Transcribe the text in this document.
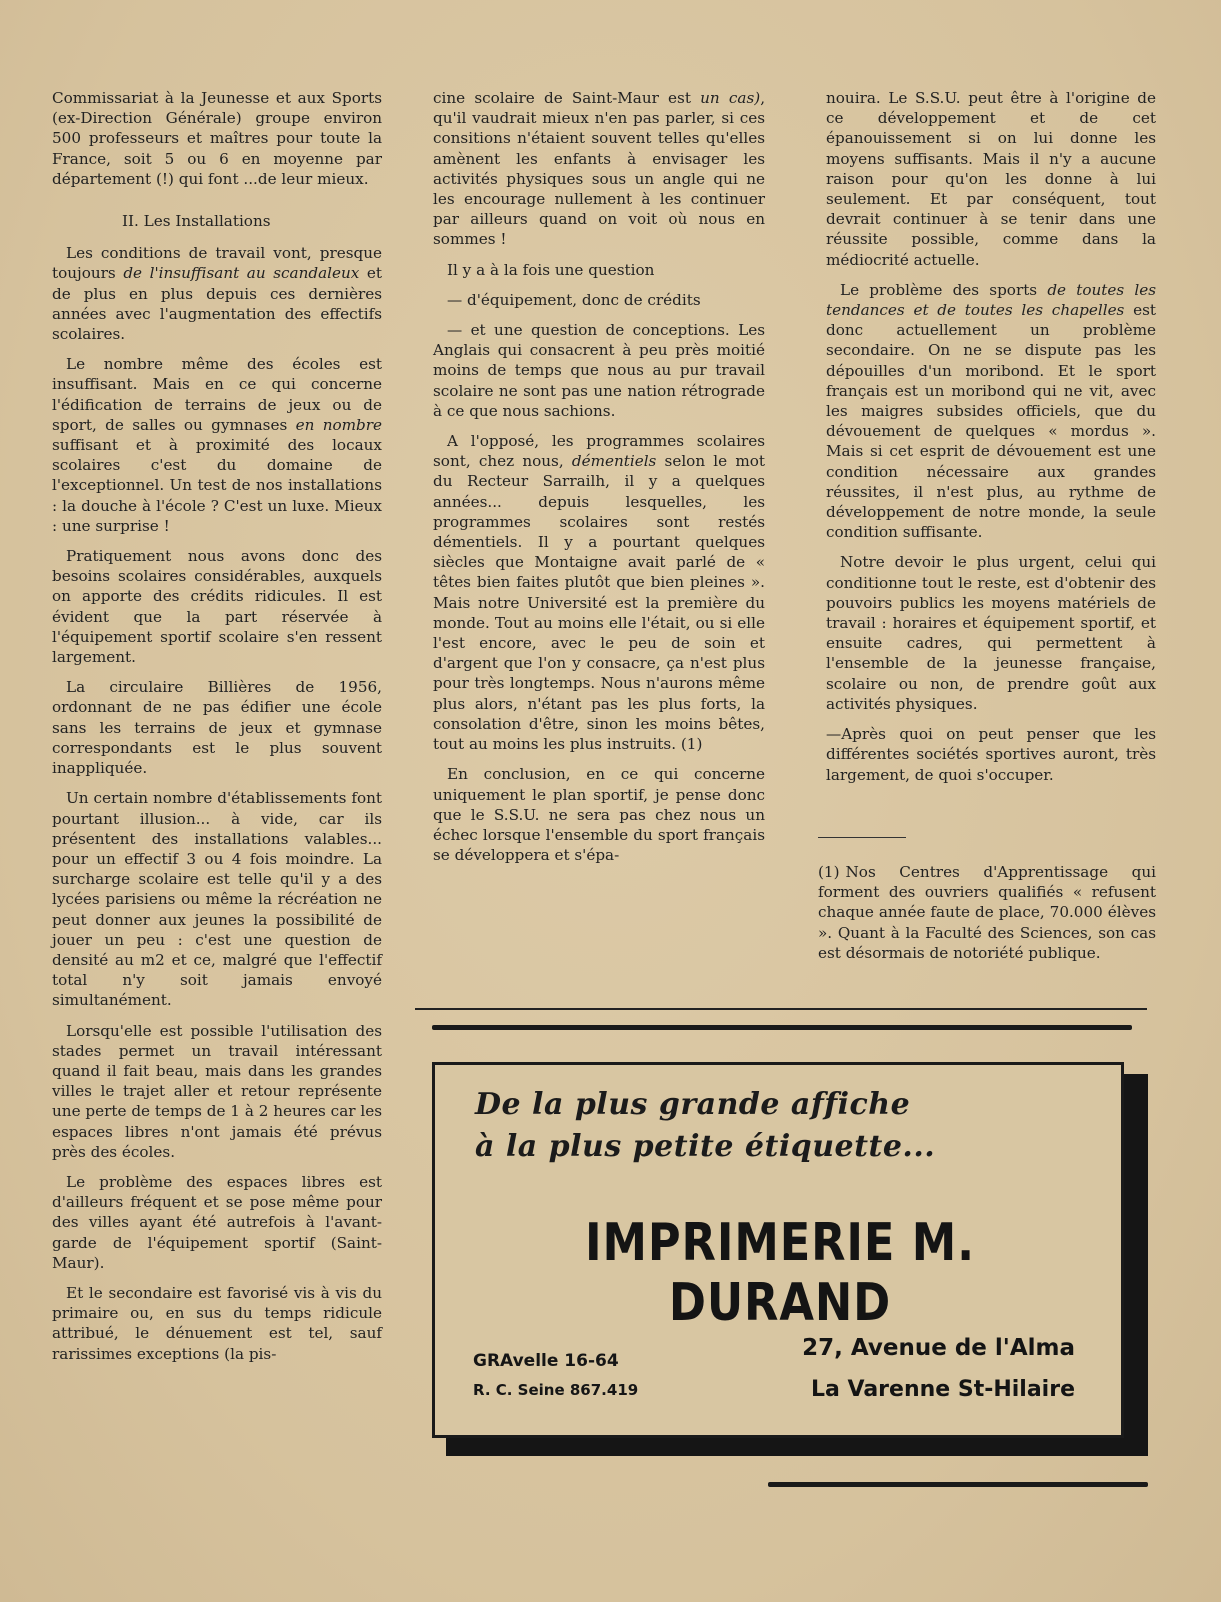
Commissariat à la Jeunesse et aux Sports (ex-Direction Générale) groupe environ 500 professeurs et maîtres pour toute la France, soit 5 ou 6 en moyenne par département (!) qui font ...de leur mieux.

II. Les Installations

Les conditions de travail vont, presque toujours de l'insuffisant au scandaleux et de plus en plus depuis ces dernières années avec l'augmentation des effectifs scolaires.

Le nombre même des écoles est insuffisant. Mais en ce qui concerne l'édification de terrains de jeux ou de sport, de salles ou gymnases en nombre suffisant et à proximité des locaux scolaires c'est du domaine de l'exceptionnel. Un test de nos installations : la douche à l'école ? C'est un luxe. Mieux : une surprise !

Pratiquement nous avons donc des besoins scolaires considérables, auxquels on apporte des crédits ridicules. Il est évident que la part réservée à l'équipement sportif scolaire s'en ressent largement.

La circulaire Billières de 1956, ordonnant de ne pas édifier une école sans les terrains de jeux et gymnase correspondants est le plus souvent inappliquée.

Un certain nombre d'établissements font pourtant illusion... à vide, car ils présentent des installations valables... pour un effectif 3 ou 4 fois moindre. La surcharge scolaire est telle qu'il y a des lycées parisiens ou même la récréation ne peut donner aux jeunes la possibilité de jouer un peu : c'est une question de densité au m2 et ce, malgré que l'effectif total n'y soit jamais envoyé simultanément.

Lorsqu'elle est possible l'utilisation des stades permet un travail intéressant quand il fait beau, mais dans les grandes villes le trajet aller et retour représente une perte de temps de 1 à 2 heures car les espaces libres n'ont jamais été prévus près des écoles.

Le problème des espaces libres est d'ailleurs fréquent et se pose même pour des villes ayant été autrefois à l'avant-garde de l'équipement sportif (Saint-Maur).

Et le secondaire est favorisé vis à vis du primaire ou, en sus du temps ridicule attribué, le dénuement est tel, sauf rarissimes exceptions (la pis-

cine scolaire de Saint-Maur est un cas), qu'il vaudrait mieux n'en pas parler, si ces consitions n'étaient souvent telles qu'elles amènent les enfants à envisager les activités physiques sous un angle qui ne les encourage nullement à les continuer par ailleurs quand on voit où nous en sommes !

Il y a à la fois une question

— d'équipement, donc de crédits

— et une question de conceptions. Les Anglais qui consacrent à peu près moitié moins de temps que nous au pur travail scolaire ne sont pas une nation rétrograde à ce que nous sachions.

A l'opposé, les programmes scolaires sont, chez nous, démentiels selon le mot du Recteur Sarrailh, il y a quelques années... depuis lesquelles, les programmes scolaires sont restés démentiels. Il y a pourtant quelques siècles que Montaigne avait parlé de « têtes bien faites plutôt que bien pleines ». Mais notre Université est la première du monde. Tout au moins elle l'était, ou si elle l'est encore, avec le peu de soin et d'argent que l'on y consacre, ça n'est plus pour très longtemps. Nous n'aurons même plus alors, n'étant pas les plus forts, la consolation d'être, sinon les moins bêtes, tout au moins les plus instruits. (1)

En conclusion, en ce qui concerne uniquement le plan sportif, je pense donc que le S.S.U. ne sera pas chez nous un échec lorsque l'ensemble du sport français se développera et s'épa-

nouira. Le S.S.U. peut être à l'origine de ce développement et de cet épanouissement si on lui donne les moyens suffisants. Mais il n'y a aucune raison pour qu'on les donne à lui seulement. Et par conséquent, tout devrait continuer à se tenir dans une réussite possible, comme dans la médiocrité actuelle.

Le problème des sports de toutes les tendances et de toutes les chapelles est donc actuellement un problème secondaire. On ne se dispute pas les dépouilles d'un moribond. Et le sport français est un moribond qui ne vit, avec les maigres subsides officiels, que du dévouement de quelques « mordus ». Mais si cet esprit de dévouement est une condition nécessaire aux grandes réussites, il n'est plus, au rythme de développement de notre monde, la seule condition suffisante.

Notre devoir le plus urgent, celui qui conditionne tout le reste, est d'obtenir des pouvoirs publics les moyens matériels de travail : horaires et équipement sportif, et ensuite cadres, qui permettent à l'ensemble de la jeunesse française, scolaire ou non, de prendre goût aux activités physiques.

—Après quoi on peut penser que les différentes sociétés sportives auront, très largement, de quoi s'occuper.

(1) Nos Centres d'Apprentissage qui forment des ouvriers qualifiés « refusent chaque année faute de place, 70.000 élèves ». Quant à la Faculté des Sciences, son cas est désormais de notoriété publique.
De la plus grande affiche
à la plus petite étiquette...
IMPRIMERIE M. DURAND
GRAvelle 16-64
R. C. Seine 867.419
27, Avenue de l'Alma
La Varenne St-Hilaire
